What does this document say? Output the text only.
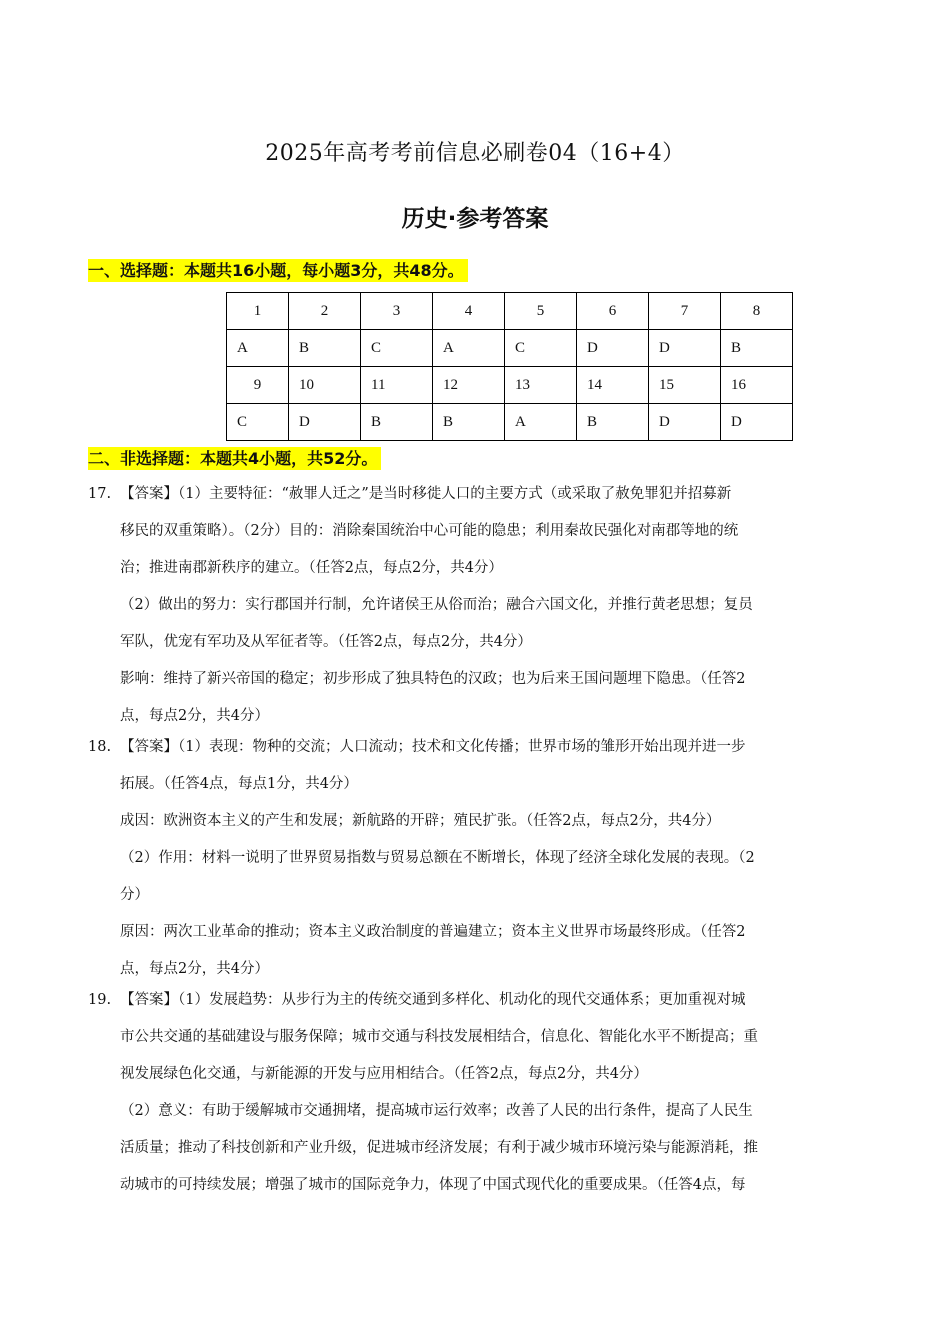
2025年高考考前信息必刷卷04（16+4）
历史·参考答案
一、选择题：本题共16小题，每小题3分，共48分。
1	2	3	4	5	6	7	8
A	B	C	A	C	D	D	B
9	10	11	12	13	14	15	16
C	D	B	B	A	B	D	D
二、非选择题：本题共4小题，共52分。

17. 【答案】（1）主要特征：“赦罪人迁之”是当时移徙人口的主要方式（或采取了赦免罪犯并招募新

移民的双重策略）。（2分）目的：消除秦国统治中心可能的隐患；利用秦故民强化对南郡等地的统

治；推进南郡新秩序的建立。（任答2点，每点2分，共4分）

（2）做出的努力：实行郡国并行制，允许诸侯王从俗而治；融合六国文化，并推行黄老思想；复员

军队，优宠有军功及从军征者等。（任答2点，每点2分，共4分）

影响：维持了新兴帝国的稳定；初步形成了独具特色的汉政；也为后来王国问题埋下隐患。（任答2

点，每点2分，共4分）

18. 【答案】（1）表现：物种的交流；人口流动；技术和文化传播；世界市场的雏形开始出现并进一步

拓展。（任答4点，每点1分，共4分）

成因：欧洲资本主义的产生和发展；新航路的开辟；殖民扩张。（任答2点，每点2分，共4分）

（2）作用：材料一说明了世界贸易指数与贸易总额在不断增长，体现了经济全球化发展的表现。（2

分）

原因：两次工业革命的推动；资本主义政治制度的普遍建立；资本主义世界市场最终形成。（任答2

点，每点2分，共4分）

19. 【答案】（1）发展趋势：从步行为主的传统交通到多样化、机动化的现代交通体系；更加重视对城

市公共交通的基础建设与服务保障；城市交通与科技发展相结合，信息化、智能化水平不断提高；重

视发展绿色化交通，与新能源的开发与应用相结合。（任答2点，每点2分，共4分）

（2）意义：有助于缓解城市交通拥堵，提高城市运行效率；改善了人民的出行条件，提高了人民生

活质量；推动了科技创新和产业升级，促进城市经济发展；有利于减少城市环境污染与能源消耗，推

动城市的可持续发展；增强了城市的国际竞争力，体现了中国式现代化的重要成果。（任答4点，每
